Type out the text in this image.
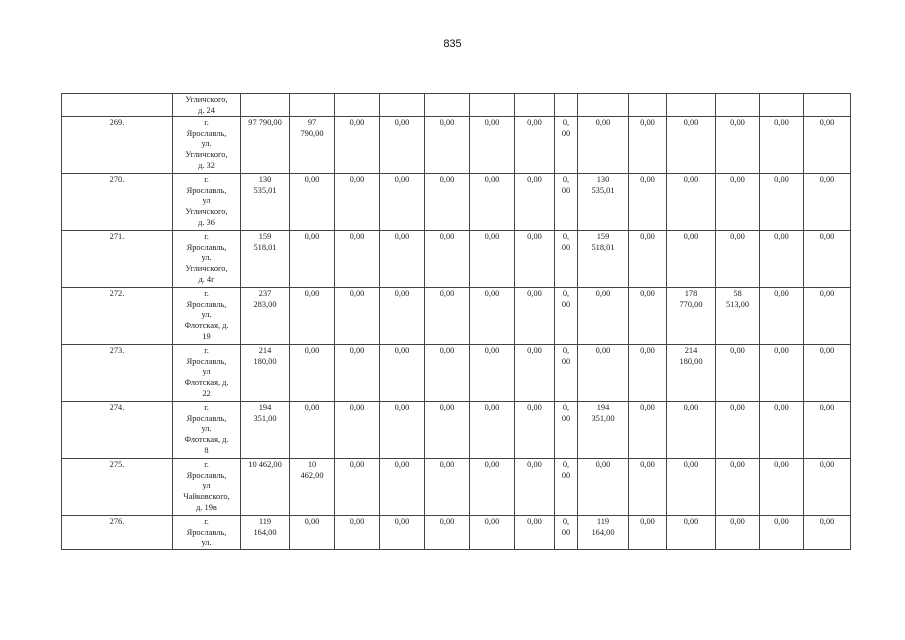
835

	Угличского,
д. 24														

269.	г.
Ярославль,
ул.
Угличского,
д. 32	97 790,00	97
790,00	0,00	0,00	0,00	0,00	0,00	0,
00	0,00	0,00	0,00	0,00	0,00	0,00

270.	г.
Ярославль,
ул
Угличского,
д. 36	130
535,01	0,00	0,00	0,00	0,00	0,00	0,00	0,
00	130
535,01	0,00	0,00	0,00	0,00	0,00

271.	г.
Ярославль,
ул.
Угличского,
д. 4г	159
518,01	0,00	0,00	0,00	0,00	0,00	0,00	0,
00	159
518,01	0,00	0,00	0,00	0,00	0,00

272.	г.
Ярославль,
ул.
Флотская, д.
19	237
283,00	0,00	0,00	0,00	0,00	0,00	0,00	0,
00	0,00	0,00	178
770,00	58
513,00	0,00	0,00

273.	г.
Ярославль,
ул
Флотская, д.
22	214
180,00	0,00	0,00	0,00	0,00	0,00	0,00	0,
00	0,00	0,00	214
180,00	0,00	0,00	0,00

274.	г.
Ярославль,
ул.
Флотская, д.
8	194
351,00	0,00	0,00	0,00	0,00	0,00	0,00	0,
00	194
351,00	0,00	0,00	0,00	0,00	0,00

275.	г.
Ярославль,
ул
Чайковского,
д. 19в	10 462,00	10
462,00	0,00	0,00	0,00	0,00	0,00	0,
00	0,00	0,00	0,00	0,00	0,00	0,00

276.	г.
Ярославль,
ул.	119
164,00	0,00	0,00	0,00	0,00	0,00	0,00	0,
00	119
164,00	0,00	0,00	0,00	0,00	0,00
